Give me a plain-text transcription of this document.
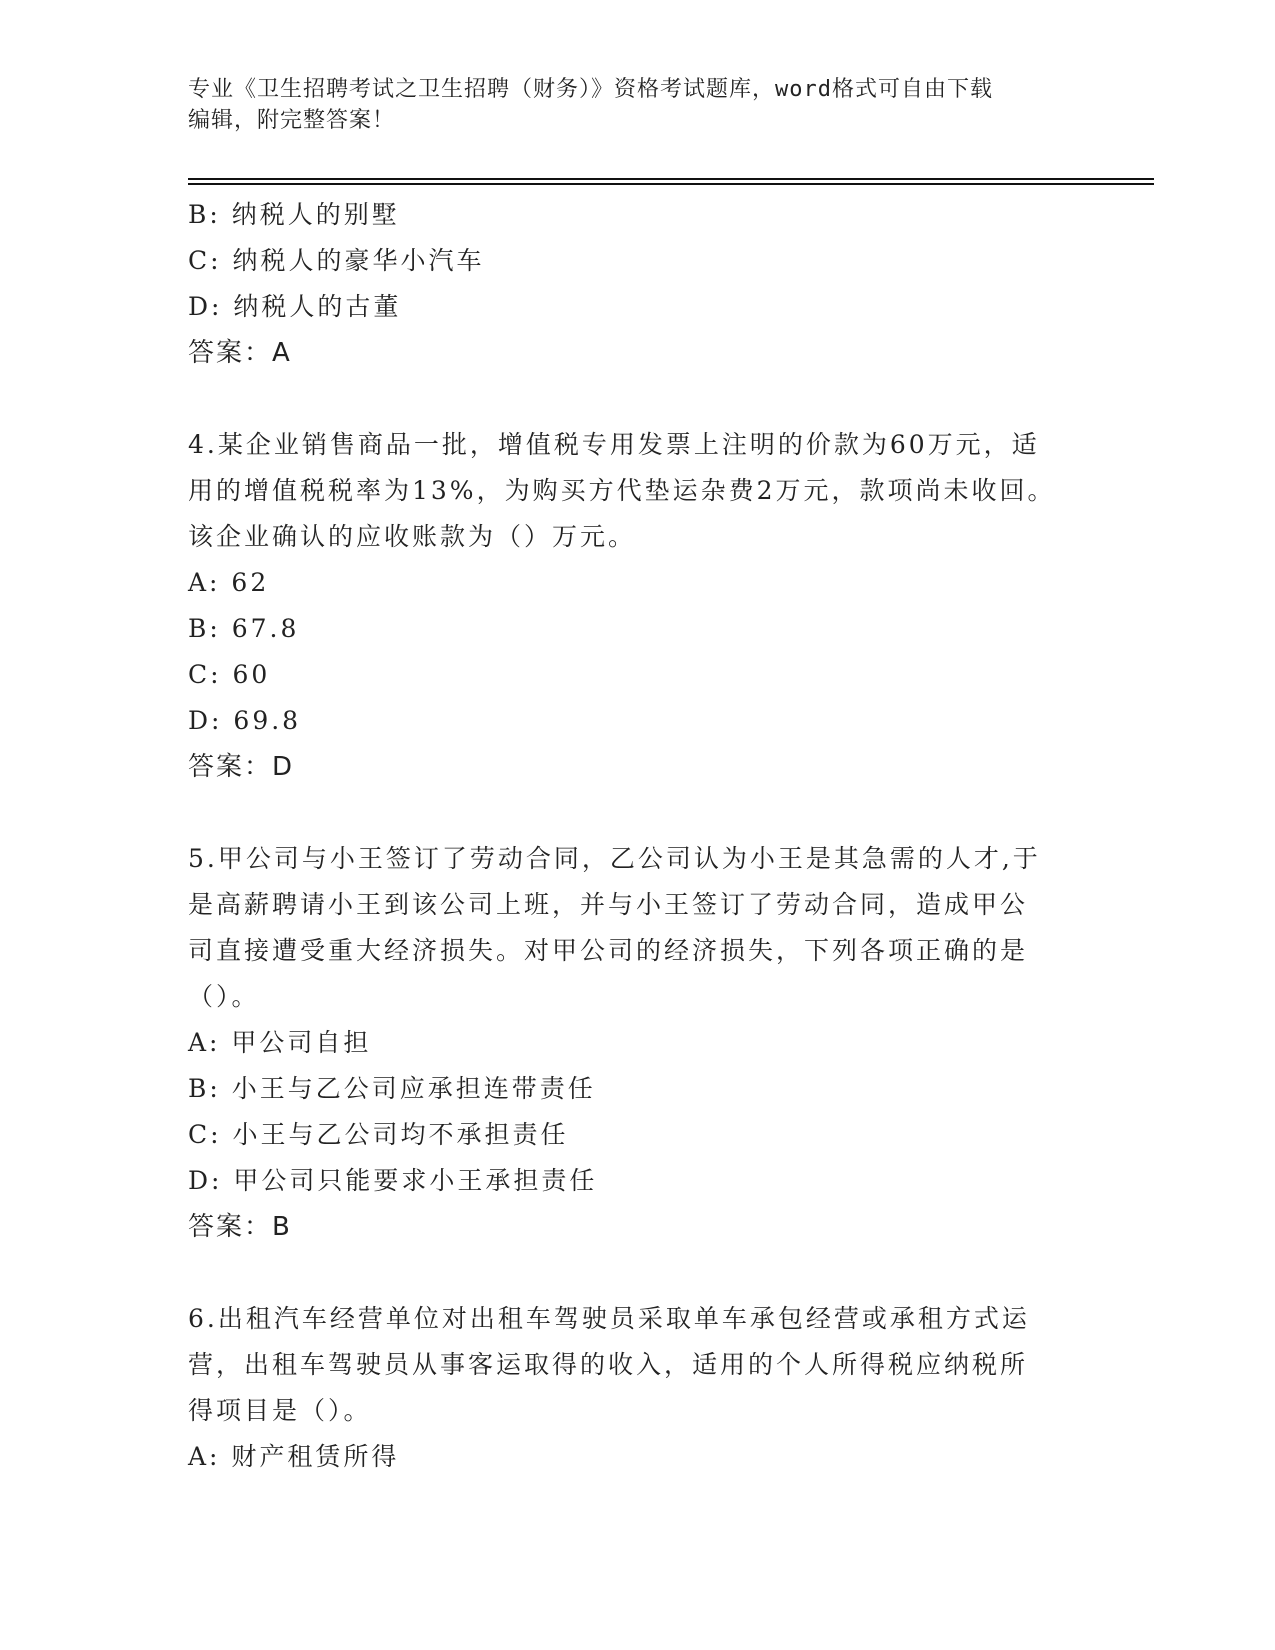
专业《卫生招聘考试之卫生招聘（财务）》资格考试题库，word格式可自由下载
编辑，附完整答案！
B: 纳税人的别墅
C: 纳税人的豪华小汽车
D: 纳税人的古董
答案：A
4.某企业销售商品一批，增值税专用发票上注明的价款为60万元，适
用的增值税税率为13%，为购买方代垫运杂费2万元，款项尚未收回。
该企业确认的应收账款为（）万元。
A: 62
B: 67.8
C: 60
D: 69.8
答案：D
5.甲公司与小王签订了劳动合同，乙公司认为小王是其急需的人才,于
是高薪聘请小王到该公司上班，并与小王签订了劳动合同，造成甲公
司直接遭受重大经济损失。对甲公司的经济损失，下列各项正确的是
（）。
A: 甲公司自担
B: 小王与乙公司应承担连带责任
C: 小王与乙公司均不承担责任
D: 甲公司只能要求小王承担责任
答案：B
6.出租汽车经营单位对出租车驾驶员采取单车承包经营或承租方式运
营，出租车驾驶员从事客运取得的收入，适用的个人所得税应纳税所
得项目是（）。
A: 财产租赁所得
